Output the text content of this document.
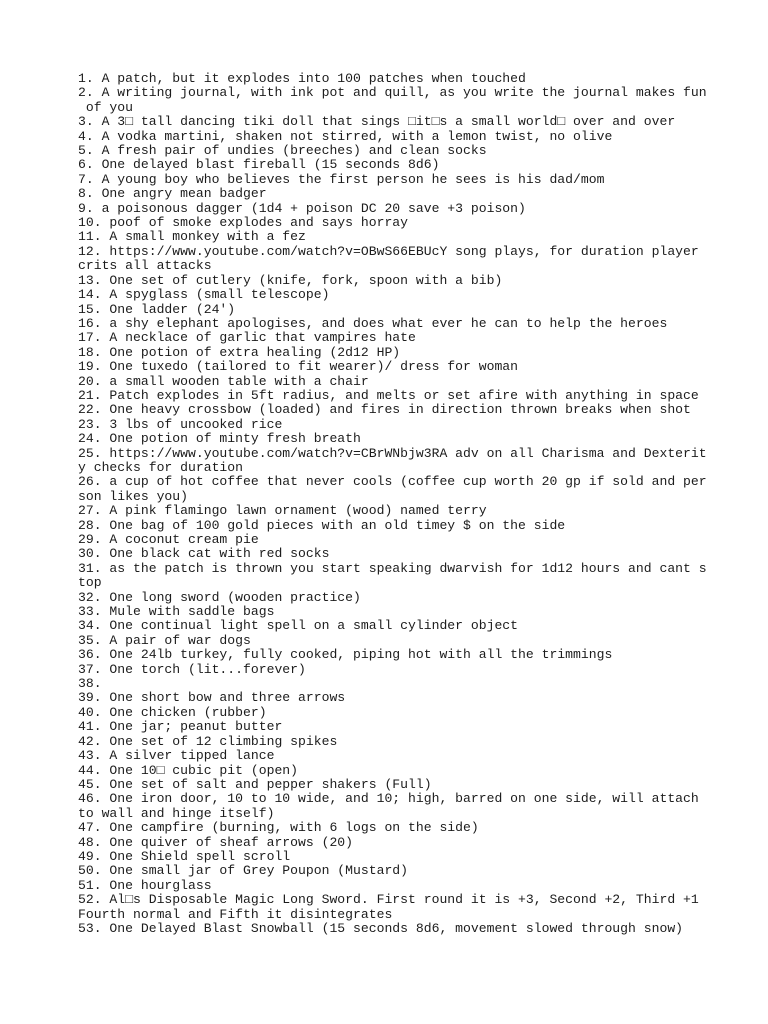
1. A patch, but it explodes into 100 patches when touched
2. A writing journal, with ink pot and quill, as you write the journal makes fun
of you
3. A 3□ tall dancing tiki doll that sings □it□s a small world□ over and over
4. A vodka martini, shaken not stirred, with a lemon twist, no olive
5. A fresh pair of undies (breeches) and clean socks
6. One delayed blast fireball (15 seconds 8d6)
7. A young boy who believes the first person he sees is his dad/mom
8. One angry mean badger
9. a poisonous dagger (1d4 + poison DC 20 save +3 poison)
10. poof of smoke explodes and says horray
11. A small monkey with a fez
12. https://www.youtube.com/watch?v=OBwS66EBUcY song plays, for duration player
crits all attacks
13. One set of cutlery (knife, fork, spoon with a bib)
14. A spyglass (small telescope)
15. One ladder (24')
16. a shy elephant apologises, and does what ever he can to help the heroes
17. A necklace of garlic that vampires hate
18. One potion of extra healing (2d12 HP)
19. One tuxedo (tailored to fit wearer)/ dress for woman
20. a small wooden table with a chair
21. Patch explodes in 5ft radius, and melts or set afire with anything in space
22. One heavy crossbow (loaded) and fires in direction thrown breaks when shot
23. 3 lbs of uncooked rice
24. One potion of minty fresh breath
25. https://www.youtube.com/watch?v=CBrWNbjw3RA adv on all Charisma and Dexterity checks for duration
26. a cup of hot coffee that never cools (coffee cup worth 20 gp if sold and person likes you)
27. A pink flamingo lawn ornament (wood) named terry
28. One bag of 100 gold pieces with an old timey $ on the side
29. A coconut cream pie
30. One black cat with red socks
31. as the patch is thrown you start speaking dwarvish for 1d12 hours and cant stop
32. One long sword (wooden practice)
33. Mule with saddle bags
34. One continual light spell on a small cylinder object
35. A pair of war dogs
36. One 24lb turkey, fully cooked, piping hot with all the trimmings
37. One torch (lit...forever)
38.
39. One short bow and three arrows
40. One chicken (rubber)
41. One jar; peanut butter
42. One set of 12 climbing spikes
43. A silver tipped lance
44. One 10□ cubic pit (open)
45. One set of salt and pepper shakers (Full)
46. One iron door, 10 to 10 wide, and 10; high, barred on one side, will attach
to wall and hinge itself)
47. One campfire (burning, with 6 logs on the side)
48. One quiver of sheaf arrows (20)
49. One Shield spell scroll
50. One small jar of Grey Poupon (Mustard)
51. One hourglass
52. Al□s Disposable Magic Long Sword. First round it is +3, Second +2, Third +1 Fourth normal and Fifth it disintegrates
53. One Delayed Blast Snowball (15 seconds 8d6, movement slowed through snow)
